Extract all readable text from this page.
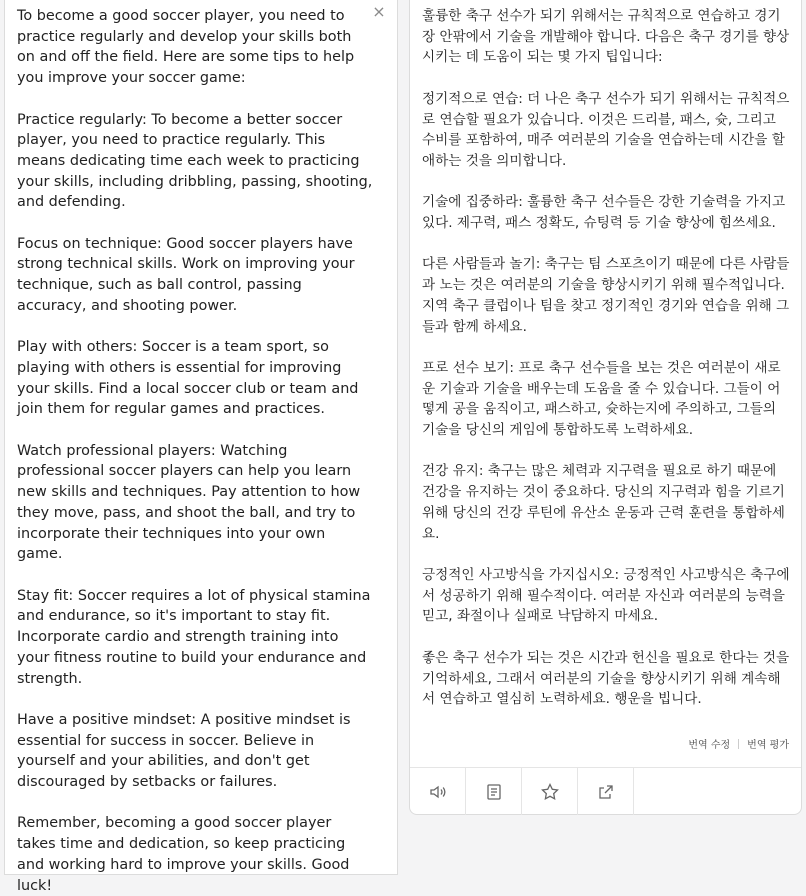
To become a good soccer player, you need to practice regularly and develop your skills both on and off the field. Here are some tips to help you improve your soccer game:

Practice regularly: To become a better soccer player, you need to practice regularly. This means dedicating time each week to practicing your skills, including dribbling, passing, shooting, and defending.

Focus on technique: Good soccer players have strong technical skills. Work on improving your technique, such as ball control, passing accuracy, and shooting power.

Play with others: Soccer is a team sport, so playing with others is essential for improving your skills. Find a local soccer club or team and join them for regular games and practices.

Watch professional players: Watching professional soccer players can help you learn new skills and techniques. Pay attention to how they move, pass, and shoot the ball, and try to incorporate their techniques into your own game.

Stay fit: Soccer requires a lot of physical stamina and endurance, so it's important to stay fit. Incorporate cardio and strength training into your fitness routine to build your endurance and strength.

Have a positive mindset: A positive mindset is essential for success in soccer. Believe in yourself and your abilities, and don't get discouraged by setbacks or failures.

Remember, becoming a good soccer player takes time and dedication, so keep practicing and working hard to improve your skills. Good luck!
×	훌륭한 축구 선수가 되기 위해서는 규칙적으로 연습하고 경기장 안팎에서 기술을 개발해야 합니다. 다음은 축구 경기를 향상시키는 데 도움이 되는 몇 가지 팁입니다:

정기적으로 연습: 더 나은 축구 선수가 되기 위해서는 규칙적으로 연습할 필요가 있습니다. 이것은 드리블, 패스, 슛, 그리고 수비를 포함하여, 매주 여러분의 기술을 연습하는데 시간을 할애하는 것을 의미합니다.

기술에 집중하라: 훌륭한 축구 선수들은 강한 기술력을 가지고 있다. 제구력, 패스 정확도, 슈팅력 등 기술 향상에 힘쓰세요.

다른 사람들과 놀기: 축구는 팀 스포츠이기 때문에 다른 사람들과 노는 것은 여러분의 기술을 향상시키기 위해 필수적입니다. 지역 축구 클럽이나 팀을 찾고 정기적인 경기와 연습을 위해 그들과 함께 하세요.

프로 선수 보기: 프로 축구 선수들을 보는 것은 여러분이 새로운 기술과 기술을 배우는데 도움을 줄 수 있습니다. 그들이 어떻게 공을 움직이고, 패스하고, 슛하는지에 주의하고, 그들의 기술을 당신의 게임에 통합하도록 노력하세요.

건강 유지: 축구는 많은 체력과 지구력을 필요로 하기 때문에 건강을 유지하는 것이 중요하다. 당신의 지구력과 힘을 기르기 위해 당신의 건강 루틴에 유산소 운동과 근력 훈련을 통합하세요.

긍정적인 사고방식을 가지십시오: 긍정적인 사고방식은 축구에서 성공하기 위해 필수적이다. 여러분 자신과 여러분의 능력을 믿고, 좌절이나 실패로 낙담하지 마세요.

좋은 축구 선수가 되는 것은 시간과 헌신을 필요로 한다는 것을 기억하세요, 그래서 여러분의 기술을 향상시키기 위해 계속해서 연습하고 열심히 노력하세요. 행운을 빕니다.
번역 수정 번역 평가
